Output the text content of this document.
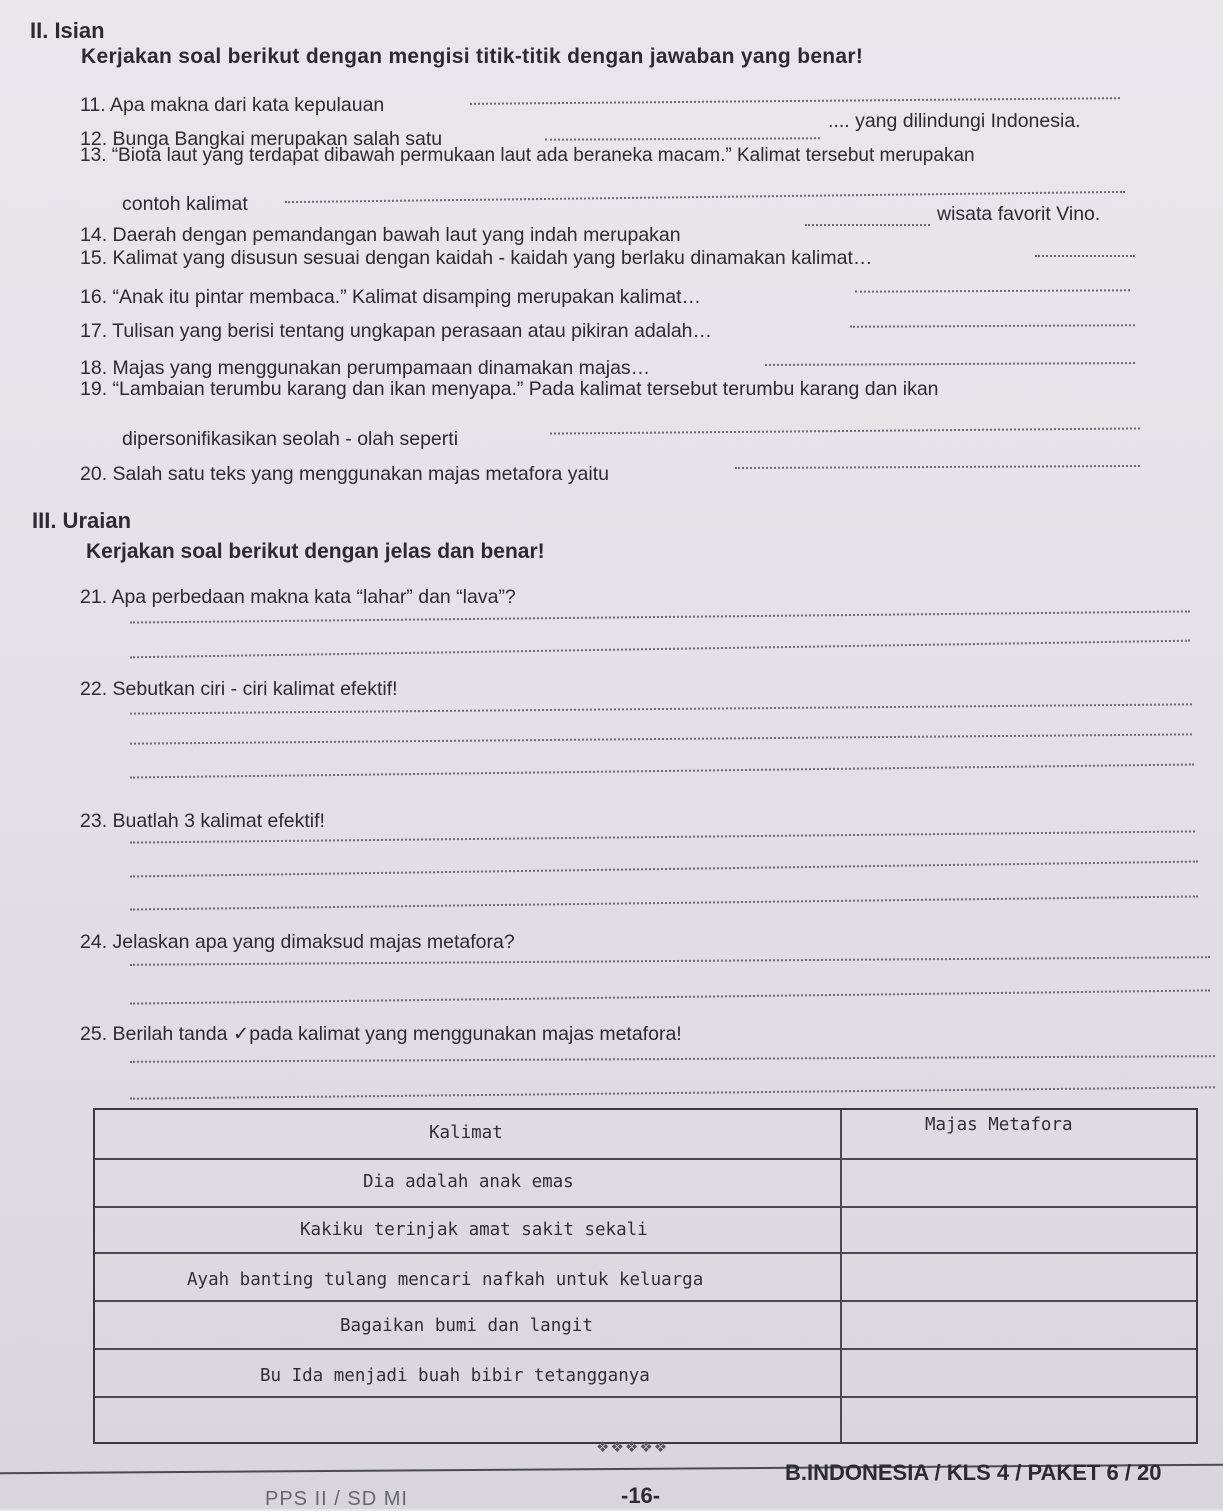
II. Isian
Kerjakan soal berikut dengan mengisi titik-titik dengan jawaban yang benar!
11. Apa makna dari kata kepulauan
12. Bunga Bangkai merupakan salah satu
.... yang dilindungi Indonesia.
13. “Biota laut yang terdapat dibawah permukaan laut ada beraneka macam.” Kalimat tersebut merupakan
contoh kalimat
14. Daerah dengan pemandangan bawah laut yang indah merupakan
wisata favorit Vino.
15. Kalimat yang disusun sesuai dengan kaidah - kaidah yang berlaku dinamakan kalimat…
16. “Anak itu pintar membaca.” Kalimat disamping merupakan kalimat…
17. Tulisan yang berisi tentang ungkapan perasaan atau pikiran adalah…
18. Majas yang menggunakan perumpamaan dinamakan majas…
19. “Lambaian terumbu karang dan ikan menyapa.” Pada kalimat tersebut terumbu karang dan ikan
dipersonifikasikan seolah - olah seperti
20. Salah satu teks yang menggunakan majas metafora yaitu
III. Uraian
Kerjakan soal berikut dengan jelas dan benar!
21. Apa perbedaan makna kata “lahar” dan “lava”?
22. Sebutkan ciri - ciri kalimat efektif!
23. Buatlah 3 kalimat efektif!
24. Jelaskan apa yang dimaksud majas metafora?
25. Berilah tanda ✓pada kalimat yang menggunakan majas metafora!
Kalimat	Majas Metafora
Dia adalah anak emas
Kakiku terinjak amat sakit sekali
Ayah banting tulang mencari nafkah untuk keluarga
Bagaikan bumi dan langit
Bu Ida menjadi buah bibir tetangganya
❖❖❖❖❖
PPS II / SD MI	-16-
B.INDONESIA / KLS 4 / PAKET 6 / 20
